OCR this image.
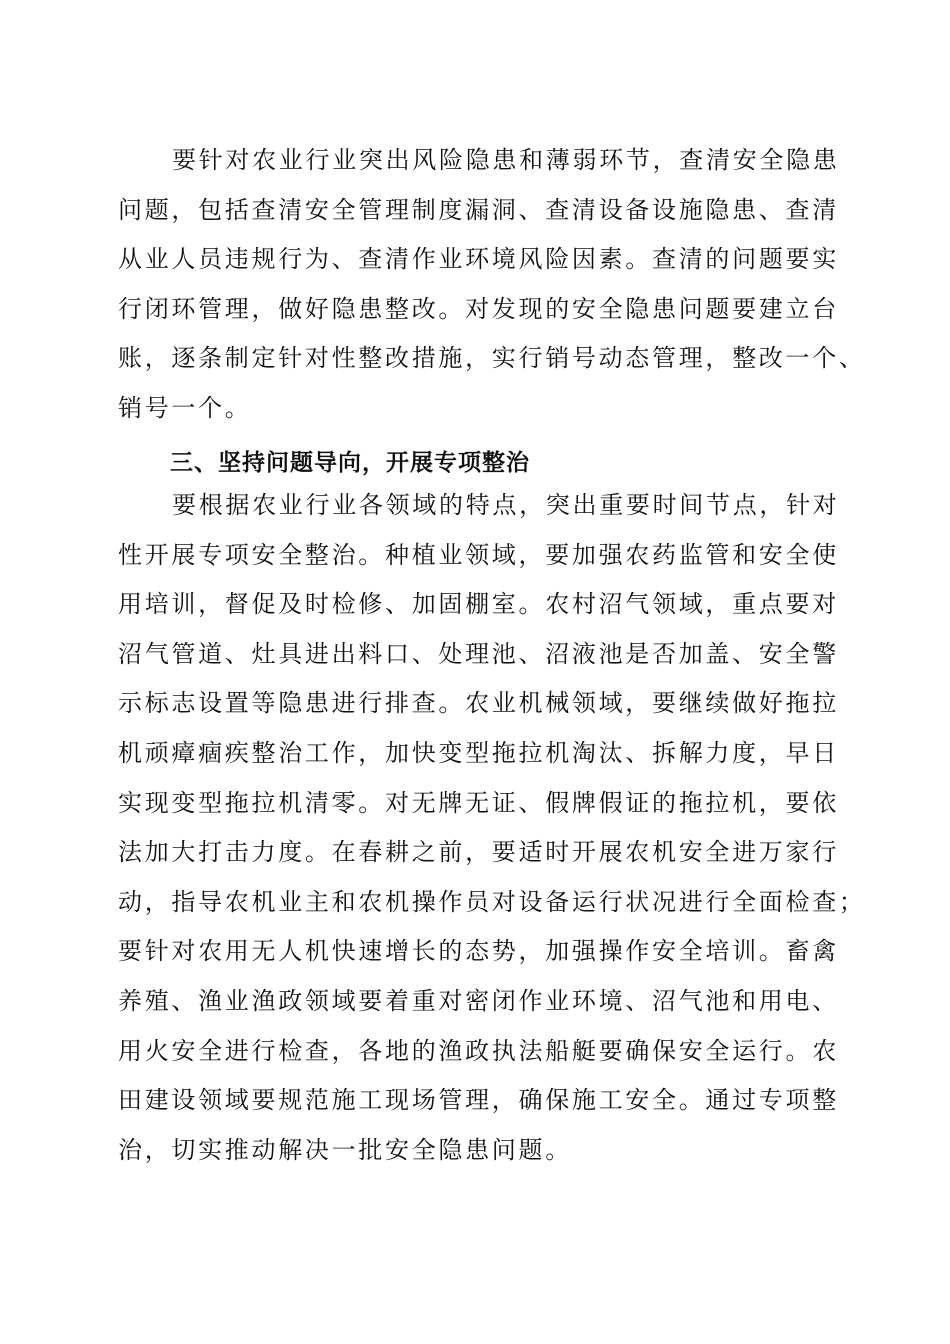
要针对农业行业突出风险隐患和薄弱环节，查清安全隐患
问题，包括查清安全管理制度漏洞、查清设备设施隐患、查清
从业人员违规行为、查清作业环境风险因素。查清的问题要实
行闭环管理，做好隐患整改。对发现的安全隐患问题要建立台
账，逐条制定针对性整改措施，实行销号动态管理，整改一个、
销号一个。
三、坚持问题导向，开展专项整治
要根据农业行业各领域的特点，突出重要时间节点，针对
性开展专项安全整治。种植业领域，要加强农药监管和安全使
用培训，督促及时检修、加固棚室。农村沼气领域，重点要对
沼气管道、灶具进出料口、处理池、沼液池是否加盖、安全警
示标志设置等隐患进行排查。农业机械领域，要继续做好拖拉
机顽瘴痼疾整治工作，加快变型拖拉机淘汰、拆解力度，早日
实现变型拖拉机清零。对无牌无证、假牌假证的拖拉机，要依
法加大打击力度。在春耕之前，要适时开展农机安全进万家行
动，指导农机业主和农机操作员对设备运行状况进行全面检查；
要针对农用无人机快速增长的态势，加强操作安全培训。畜禽
养殖、渔业渔政领域要着重对密闭作业环境、沼气池和用电、
用火安全进行检查，各地的渔政执法船艇要确保安全运行。农
田建设领域要规范施工现场管理，确保施工安全。通过专项整
治，切实推动解决一批安全隐患问题。
